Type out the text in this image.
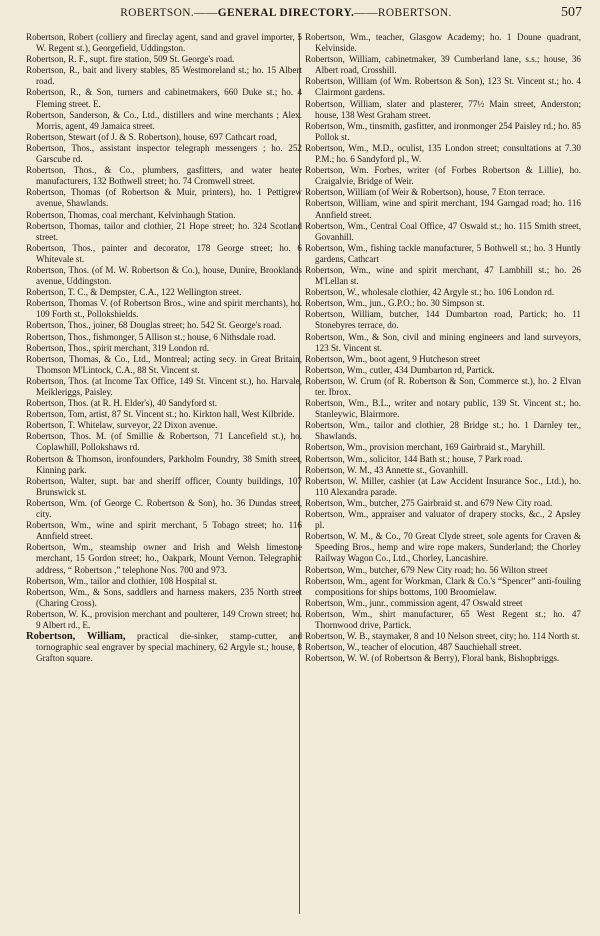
ROBERTSON.——GENERAL DIRECTORY.——ROBERTSON.	507

Robertson, Robert (colliery and fireclay agent, sand and gravel importer, 5 W. Regent st.), Georgefield, Uddingston.

Robertson, R. F., supt. fire station, 509 St. George's road.

Robertson, R., bait and livery stables, 85 Westmoreland st.; ho. 15 Albert road.

Robertson, R., & Son, turners and cabinetmakers, 660 Duke st.; ho. 4 Fleming street. E.

Robertson, Sanderson, & Co., Ltd., distillers and wine merchants ; Alex. Morris, agent, 49 Jamaica street.

Robertson, Stewart (of J. & S. Robertson), house, 697 Cathcart road,

Robertson, Thos., assistant inspector telegraph messengers ; ho. 252 Garscube rd.

Robertson, Thos., & Co., plumbers, gasfitters, and water heater manufacturers, 132 Bothwell street; ho. 74 Cromwell street.

Robertson, Thomas (of Robertson & Muir, printers), ho. 1 Pettigrew avenue, Shawlands.

Robertson, Thomas, coal merchant, Kelvinhaugh Station.

Robertson, Thomas, tailor and clothier, 21 Hope street; ho. 324 Scotland street.

Robertson, Thos., painter and decorator, 178 George street; ho. 6 Whitevale st.

Robertson, Thos. (of M. W. Robertson & Co.), house, Dunire, Brooklands avenue, Uddingston.

Robertson, T. C., & Dempster, C.A., 122 Wellington street.

Robertson, Thomas V. (of Robertson Bros., wine and spirit merchants), ho. 109 Forth st., Pollokshields.

Robertson, Thos., joiner, 68 Douglas street; ho. 542 St. George's road.

Robertson, Thos., fishmonger, 5 Allison st.; house, 6 Nithsdale road.

Robertson, Thos., spirit merchant, 319 London rd.

Robertson, Thomas, & Co., Ltd., Montreal; acting secy. in Great Britain, Thomson M'Lintock, C.A., 88 St. Vincent st.

Robertson, Thos. (at Income Tax Office, 149 St. Vincent st.), ho. Harvale, Meikleriggs, Paisley.

Robertson, Thos. (at R. H. Elder's), 40 Sandyford st.

Robertson, Tom, artist, 87 St. Vincent st.; ho. Kirkton hall, West Kilbride.

Robertson, T. Whitelaw, surveyor, 22 Dixon avenue.

Robertson, Thos. M. (of Smillie & Robertson, 71 Lancefield st.), ho. Coplawhill, Pollokshaws rd.

Robertson & Thomson, ironfounders, Parkholm Foundry, 38 Smith street, Kinning park.

Robertson, Walter, supt. bar and sheriff officer, County buildings, 107 Brunswick st.

Robertson, Wm. (of George C. Robertson & Son), ho. 36 Dundas street, city.

Robertson, Wm., wine and spirit merchant, 5 Tobago street; ho. 116 Annfield street.

Robertson, Wm., steamship owner and Irish and Welsh limestone merchant, 15 Gordon street; ho., Oakpark, Mount Vernon. Telegraphic address, “ Robertson ,” telephone Nos. 700 and 973.

Robertson, Wm., tailor and clothier, 108 Hospital st.

Robertson, Wm., & Sons, saddlers and harness makers, 235 North street (Charing Cross).

Robertson, W. K., provision merchant and poulterer, 149 Crown street; ho. 9 Albert rd., E.

Robertson, William, practical die-sinker, stamp-cutter, and tornographic seal engraver by special machinery, 62 Argyle st.; house, 8 Grafton square.

Robertson, Wm., teacher, Glasgow Academy; ho. 1 Doune quadrant, Kelvinside.

Robertson, William, cabinetmaker, 39 Cumberland lane, s.s.; house, 36 Albert road, Crosshill.

Robertson, William (of Wm. Robertson & Son), 123 St. Vincent st.; ho. 4 Clairmont gardens.

Robertson, William, slater and plasterer, 77½ Main street, Anderston; house, 138 West Graham street.

Robertson, Wm., tinsmith, gasfitter, and ironmonger 254 Paisley rd.; ho. 85 Pollok st.

Robertson, Wm., M.D., oculist, 135 London street; consultations at 7.30 P.M.; ho. 6 Sandyford pl., W.

Robertson, Wm. Forbes, writer (of Forbes Robertson & Lillie), ho. Craigalvie, Bridge of Weir.

Robertson, William (of Weir & Robertson), house, 7 Eton terrace.

Robertson, William, wine and spirit merchant, 194 Garngad road; ho. 116 Annfield street.

Robertson, Wm., Central Coal Office, 47 Oswald st.; ho. 115 Smith street, Govanhill.

Robertson, Wm., fishing tackle manufacturer, 5 Bothwell st.; ho. 3 Huntly gardens, Cathcart

Robertson, Wm., wine and spirit merchant, 47 Lambhill st.; ho. 26 M'Lellan st.

Robertson, W., wholesale clothier, 42 Argyle st.; ho. 106 London rd.

Robertson, Wm., jun., G.P.O.; ho. 30 Simpson st.

Robertson, William, butcher, 144 Dumbarton road, Partick; ho. 11 Stonebyres terrace, do.

Robertson, Wm., & Son, civil and mining engineers and land surveyors, 123 St. Vincent st.

Robertson, Wm., boot agent, 9 Hutcheson street

Robertson, Wm., cutler, 434 Dumbarton rd, Partick.

Robertson, W. Crum (of R. Robertson & Son, Commerce st.), ho. 2 Elvan ter. Ibrox.

Robertson, Wm., B.L., writer and notary public, 139 St. Vincent st.; ho. Stanleywic, Blairmore.

Robertson, Wm., tailor and clothier, 28 Bridge st.; ho. 1 Darnley ter., Shawlands.

Robertson, Wm., provision merchant, 169 Gairbraid st., Maryhill.

Robertson, Wm., solicitor, 144 Bath st.; house, 7 Park road.

Robertson, W. M., 43 Annette st., Govanhill.

Robertson, W. Miller, cashier (at Law Accident Insurance Soc., Ltd.), ho. 110 Alexandra parade.

Robertson, Wm., butcher, 275 Gairbraid st. and 679 New City road.

Robertson, Wm., appraiser and valuator of drapery stocks, &c., 2 Apsley pl.

Robertson, W. M., & Co., 70 Great Clyde street, sole agents for Craven & Speeding Bros., hemp and wire rope makers, Sunderland; the Chorley Railway Wagon Co., Ltd., Chorley, Lancashire.

Robertson, Wm., butcher, 679 New City road; ho. 56 Wilton street

Robertson, Wm., agent for Workman, Clark & Co.'s “Spencer” anti-fouling compositions for ships bottoms, 100 Broomielaw.

Robertson, Wm., junr., commission agent, 47 Oswald street

Robertson, Wm., shirt manufacturer, 65 West Regent st.; ho. 47 Thornwood drive, Partick.

Robertson, W. B., staymaker, 8 and 10 Nelson street, city; ho. 114 North st.

Robertson, W., teacher of elocution, 487 Sauchiehall street.

Robertson, W. W. (of Robertson & Berry), Floral bank, Bishopbriggs.
